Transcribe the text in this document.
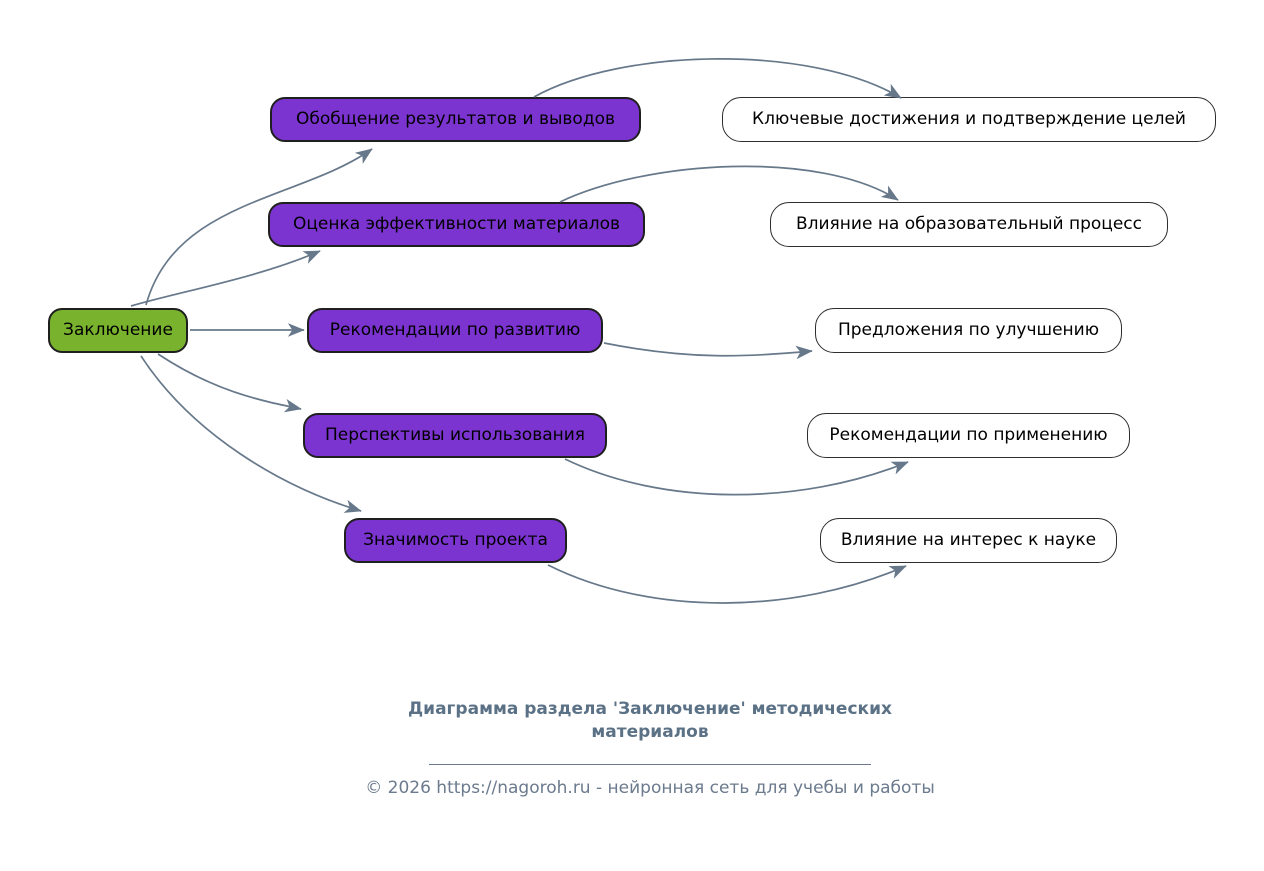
Заключение
Обобщение результатов и выводов
Оценка эффективности материалов
Рекомендации по развитию
Перспективы использования
Значимость проекта
Ключевые достижения и подтверждение целей
Влияние на образовательный процесс
Предложения по улучшению
Рекомендации по применению
Влияние на интерес к науке
Диаграмма раздела 'Заключение' методических материалов
© 2026 https://nagoroh.ru - нейронная сеть для учебы и работы
